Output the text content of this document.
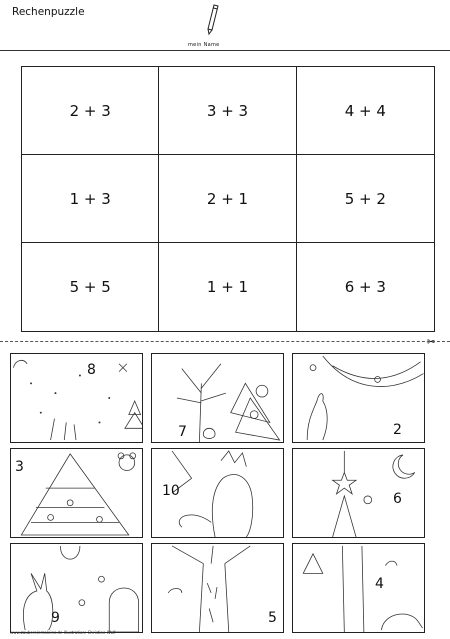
Rechenpuzzle
mein Name
2 + 3	3 + 3	4 + 4
1 + 3	2 + 1	5 + 2
5 + 5	1 + 1	6 + 3
✂
8
7	2
3
10	6
9	5
4
www.zaubereinmaleins.de Illustration: Christine Wolf
